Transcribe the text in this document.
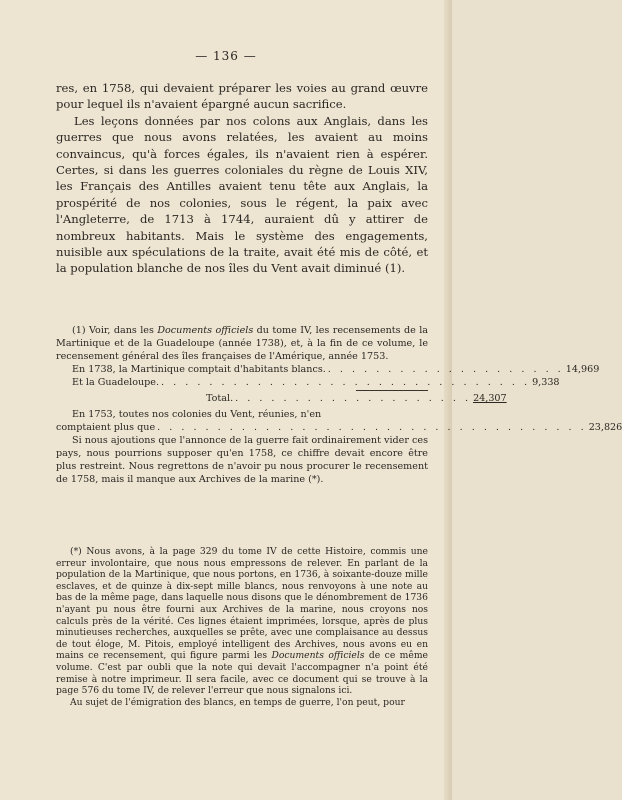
— 136 —

res, en 1758, qui devaient préparer les voies au grand œuvre pour lequel ils n'avaient épargné aucun sacrifice.

Les leçons données par nos colons aux Anglais, dans les guerres que nous avons relatées, les avaient au moins convaincus, qu'à forces égales, ils n'avaient rien à espérer. Certes, si dans les guerres coloniales du règne de Louis XIV, les Français des Antilles avaient tenu tête aux Anglais, la prospérité de nos colonies, sous le régent, la paix avec l'Angleterre, de 1713 à 1744, auraient dû y attirer de nombreux habitants. Mais le système des engagements, nuisible aux spéculations de la traite, avait été mis de côté, et la population blanche de nos îles du Vent avait diminué (1).

(1) Voir, dans les Documents officiels du tome IV, les recensements de la Martinique et de la Guadeloupe (année 1738), et, à la fin de ce volume, le recensement général des îles françaises de l'Amérique, année 1753.

En 1738, la Martinique comptait d'habitants blancs. . . . . . . . . . . . . . . . . . . . . 14,969
Et la Guadeloupe. . . . . . . . . . . . . . . . . . . . . . . . . . . . . . . . 9,338
Total. . . . . . . . . . . . . . . . . . . . . 24,307

En 1753, toutes nos colonies du Vent, réunies, n'en

comptaient plus que . . . . . . . . . . . . . . . . . . . . . . . . . . . . . . . . . . . . 23,826

Si nous ajoutions que l'annonce de la guerre fait ordinairement vider ces pays, nous pourrions supposer qu'en 1758, ce chiffre devait encore être plus restreint. Nous regrettons de n'avoir pu nous procurer le recensement de 1758, mais il manque aux Archives de la marine (*).

(*) Nous avons, à la page 329 du tome IV de cette Histoire, commis une erreur involontaire, que nous nous empressons de relever. En parlant de la population de la Martinique, que nous portons, en 1736, à soixante-douze mille esclaves, et de quinze à dix-sept mille blancs, nous renvoyons à une note au bas de la même page, dans laquelle nous disons que le dénombrement de 1736 n'ayant pu nous être fourni aux Archives de la marine, nous croyons nos calculs près de la vérité. Ces lignes étaient imprimées, lorsque, après de plus minutieuses recherches, auxquelles se prête, avec une complaisance au dessus de tout éloge, M. Pitois, employé intelligent des Archives, nous avons eu en mains ce recensement, qui figure parmi les Documents officiels de ce même volume. C'est par oubli que la note qui devait l'accompagner n'a point été remise à notre imprimeur. Il sera facile, avec ce document qui se trouve à la page 576 du tome IV, de relever l'erreur que nous signalons ici.

Au sujet de l'émigration des blancs, en temps de guerre, l'on peut, pour
